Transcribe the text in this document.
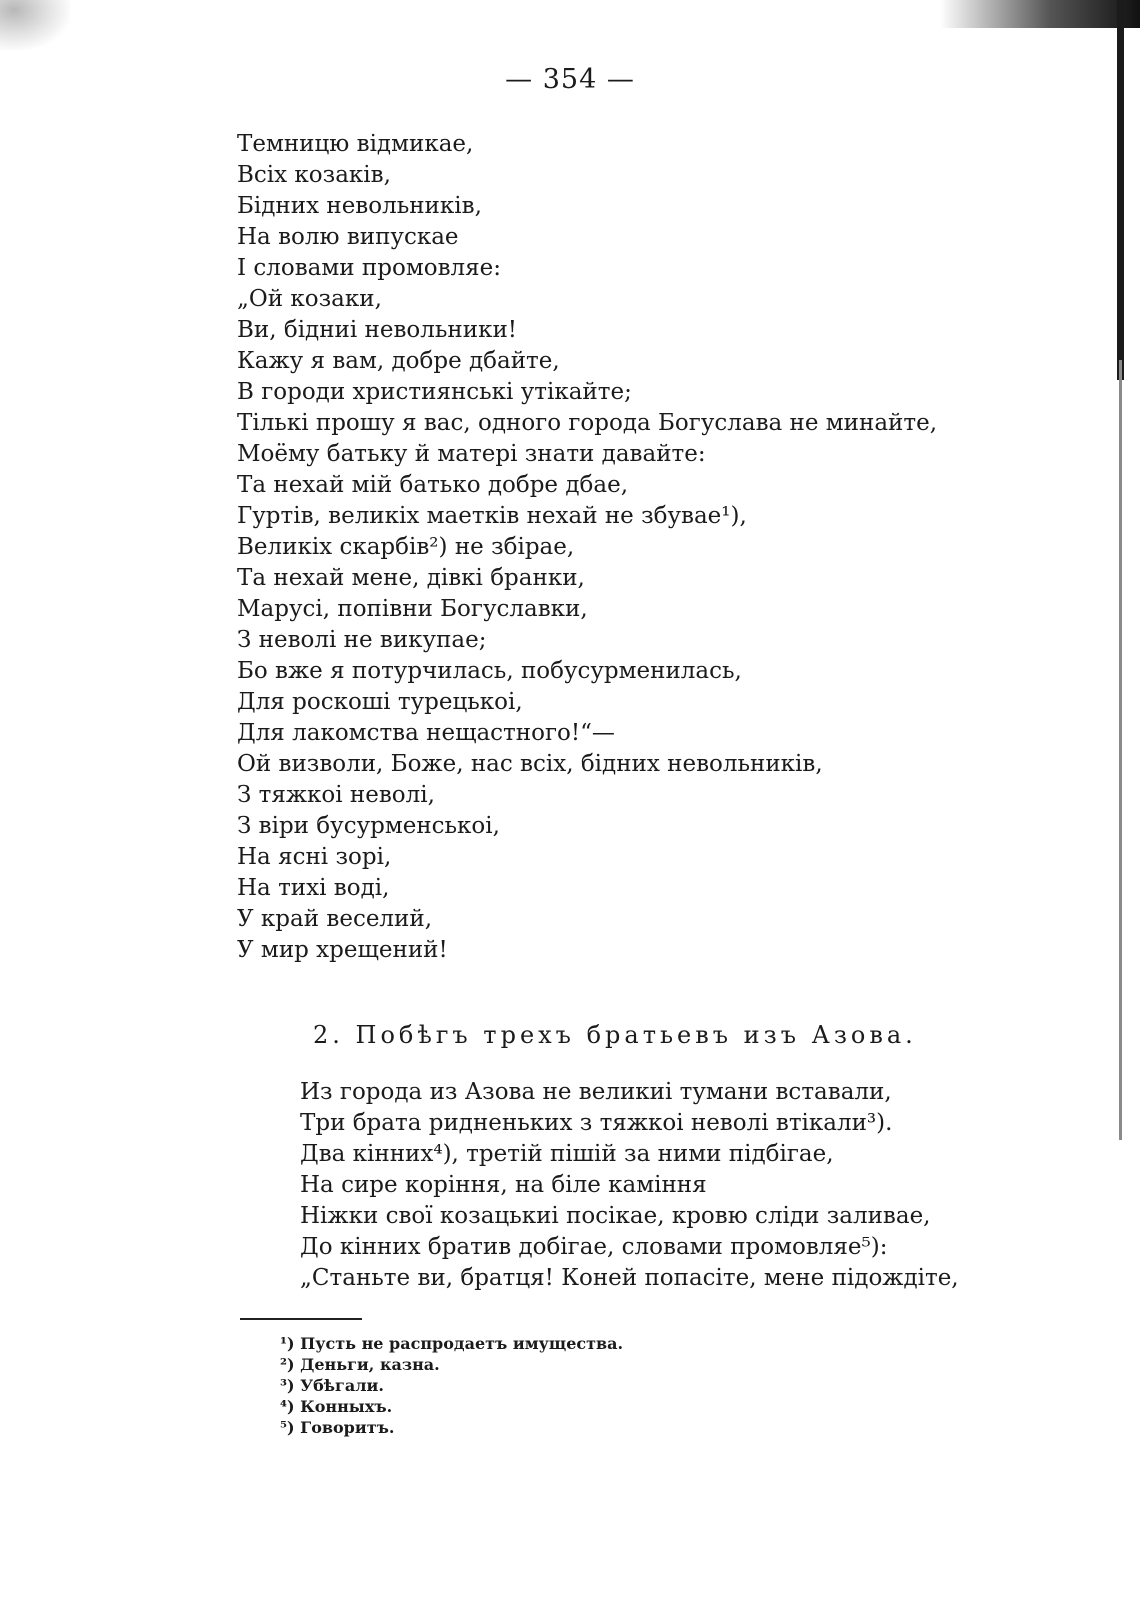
— 354 —
Темницю відмикае,
Всіх козаків,
Бідних невольників,
На волю випускае
І словами промовляе:
„Ой козаки,
Ви, бідниі невольники!
Кажу я вам, добре дбайте,
В городи християнські утікайте;
Тількі прошу я вас, одного города Богуслава не минайте,
Моёму батьку й матері знати давайте:
Та нехай мій батько добре дбае,
Гуртів, великіх маетків нехай не збувае¹),
Великіх скарбів²) не збірае,
Та нехай мене, дівкі бранки,
Марусі, попівни Богуславки,
З неволі не викупае;
Бо вже я потурчилась, побусурменилась,
Для роскоші турецькоі,
Для лакомства нещастного!“—
Ой визволи, Боже, нас всіх, бідних невольників,
З тяжкоі неволі,
З віри бусурменськоі,
На ясні зорі,
На тихі воді,
У край веселий,
У мир хрещений!
2. Побѣгъ трехъ братьевъ изъ Азова.
Из города из Азова не великиі тумани вставали,
Три брата ридненьких з тяжкоі неволі втікали³).
Два кінних⁴), третій пішій за ними підбігае,
На сире коріння, на біле каміння
Ніжки свої козацькиі посікае, кровю сліди заливае,
До кінних братив добігае, словами промовляе⁵):
„Станьте ви, братця! Коней попасіте, мене підождіте,
¹) Пусть не распродаетъ имущества.
²) Деньги, казна.
³) Убѣгали.
⁴) Конныхъ.
⁵) Говоритъ.
